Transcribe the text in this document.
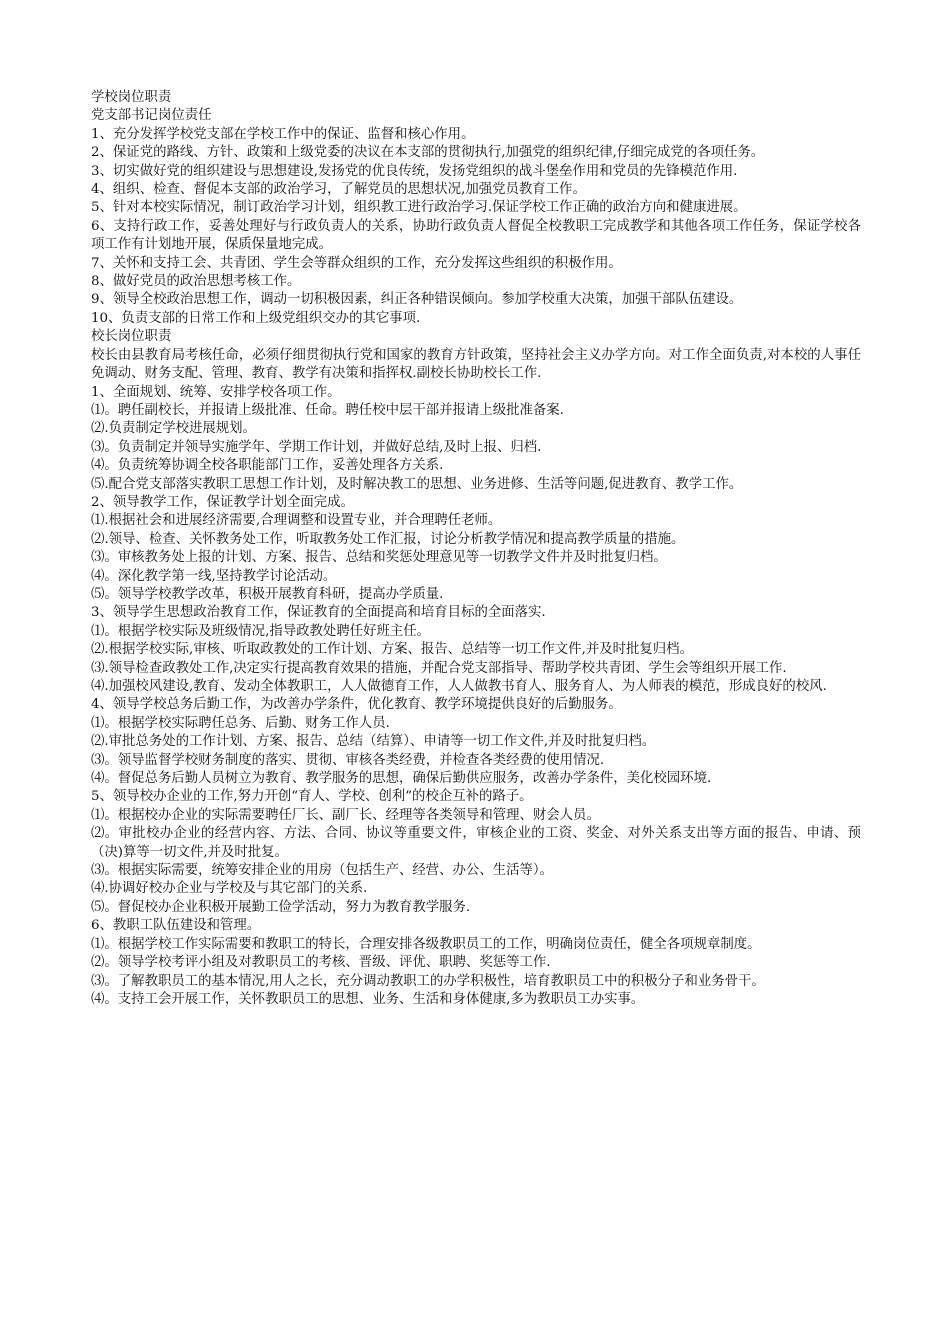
学校岗位职责

党支部书记岗位责任

1、充分发挥学校党支部在学校工作中的保证、监督和核心作用。

2、保证党的路线、方针、政策和上级党委的决议在本支部的贯彻执行,加强党的组织纪律,仔细完成党的各项任务。

3、切实做好党的组织建设与思想建设,发扬党的优良传统，发扬党组织的战斗堡垒作用和党员的先锋模范作用.

4、组织、检查、督促本支部的政治学习，了解党员的思想状况,加强党员教育工作。

5、针对本校实际情况，制订政治学习计划，组织教工进行政治学习.保证学校工作正确的政治方向和健康进展。

6、支持行政工作，妥善处理好与行政负责人的关系，协助行政负责人督促全校教职工完成教学和其他各项工作任务，保证学校各项工作有计划地开展，保质保量地完成。

7、关怀和支持工会、共青团、学生会等群众组织的工作，充分发挥这些组织的积极作用。

8、做好党员的政治思想考核工作。

9、领导全校政治思想工作，调动一切积极因素，纠正各种错误倾向。参加学校重大决策，加强干部队伍建设。

10、负责支部的日常工作和上级党组织交办的其它事项.

校长岗位职责

校长由县教育局考核任命，必须仔细贯彻执行党和国家的教育方针政策，坚持社会主义办学方向。对工作全面负责,对本校的人事任免调动、财务支配、管理、教育、教学有决策和指挥权.副校长协助校长工作.

1、全面规划、统筹、安排学校各项工作。

⑴。聘任副校长，并报请上级批准、任命。聘任校中层干部并报请上级批准备案.

⑵.负责制定学校进展规划。

⑶。负责制定并领导实施学年、学期工作计划，并做好总结,及时上报、归档.

⑷。负责统筹协调全校各职能部门工作，妥善处理各方关系.

⑸.配合党支部落实教职工思想工作计划，及时解决教工的思想、业务进修、生活等问题,促进教育、教学工作。

2、领导教学工作，保证教学计划全面完成。

⑴.根据社会和进展经济需要,合理调整和设置专业，并合理聘任老师。

⑵.领导、检查、关怀教务处工作，听取教务处工作汇报，讨论分析教学情况和提高教学质量的措施。

⑶。审核教务处上报的计划、方案、报告、总结和奖惩处理意见等一切教学文件并及时批复归档。

⑷。深化教学第一线,坚持教学讨论活动。

⑸。领导学校教学改革，积极开展教育科研，提高办学质量.

3、领导学生思想政治教育工作，保证教育的全面提高和培育目标的全面落实.

⑴。根据学校实际及班级情况,指导政教处聘任好班主任。

⑵.根据学校实际,审核、听取政教处的工作计划、方案、报告、总结等一切工作文件,并及时批复归档。

⑶.领导检查政教处工作,决定实行提高教育效果的措施，并配合党支部指导、帮助学校共青团、学生会等组织开展工作.

⑷.加强校风建设,教育、发动全体教职工，人人做德育工作，人人做教书育人、服务育人、为人师表的模范，形成良好的校风.

4、领导学校总务后勤工作，为改善办学条件，优化教育、教学环境提供良好的后勤服务。

⑴。根据学校实际聘任总务、后勤、财务工作人员.

⑵.审批总务处的工作计划、方案、报告、总结（结算）、申请等一切工作文件,并及时批复归档。

⑶。领导监督学校财务制度的落实、贯彻、审核各类经费，并检查各类经费的使用情况.

⑷。督促总务后勤人员树立为教育、教学服务的思想，确保后勤供应服务，改善办学条件，美化校园环境.

5、领导校办企业的工作,努力开创“育人、学校、创利”的校企互补的路子。

⑴。根据校办企业的实际需要聘任厂长、副厂长、经理等各类领导和管理、财会人员。

⑵。审批校办企业的经营内容、方法、合同、协议等重要文件，审核企业的工资、奖金、对外关系支出等方面的报告、申请、预（决)算等一切文件,并及时批复。

⑶。根据实际需要，统筹安排企业的用房（包括生产、经营、办公、生活等）。

⑷.协调好校办企业与学校及与其它部门的关系.

⑸。督促校办企业积极开展勤工俭学活动，努力为教育教学服务.

6、教职工队伍建设和管理。

⑴。根据学校工作实际需要和教职工的特长，合理安排各级教职员工的工作，明确岗位责任，健全各项规章制度。

⑵。领导学校考评小组及对教职员工的考核、晋级、评优、职聘、奖惩等工作.

⑶。了解教职员工的基本情况,用人之长，充分调动教职工的办学积极性，培育教职员工中的积极分子和业务骨干。

⑷。支持工会开展工作，关怀教职员工的思想、业务、生活和身体健康,多为教职员工办实事。
